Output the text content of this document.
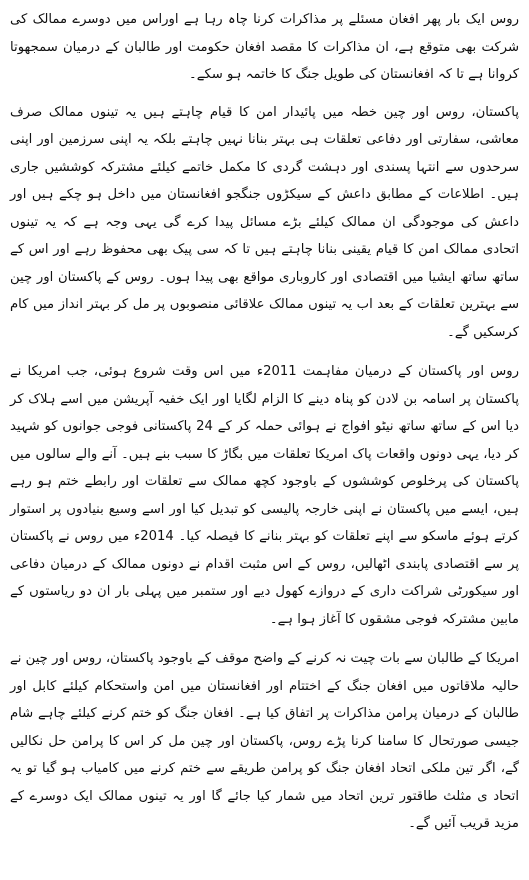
روس ایک بار پھر افغان مسئلے پر مذاکرات کرنا چاہ رہا ہے اوراس میں دوسرے ممالک کی شرکت بھی متوقع ہے، ان مذاکرات کا مقصد افغان حکومت اور طالبان کے درمیان سمجھوتا کروانا ہے تا کہ افغانستان کی طویل جنگ کا خاتمہ ہو سکے۔

پاکستان، روس اور چین خطہ میں پائیدار امن کا قیام چاہتے ہیں یہ تینوں ممالک صرف معاشی، سفارتی اور دفاعی تعلقات ہی بہتر بنانا نہیں چاہتے بلکہ یہ اپنی سرزمین اور اپنی سرحدوں سے انتہا پسندی اور دہشت گردی کا مکمل خاتمے کیلئے مشترکہ کوششیں جاری ہیں۔ اطلاعات کے مطابق داعش کے سیکڑوں جنگجو افغانستان میں داخل ہو چکے ہیں اور داعش کی موجودگی ان ممالک کیلئے بڑے مسائل پیدا کرے گی یہی وجہ ہے کہ یہ تینوں اتحادی ممالک امن کا قیام یقینی بنانا چاہتے ہیں تا کہ سی پیک بھی محفوظ رہے اور اس کے ساتھ ساتھ ایشیا میں اقتصادی اور کاروباری مواقع بھی پیدا ہوں۔ روس کے پاکستان اور چین سے بہترین تعلقات کے بعد اب یہ تینوں ممالک علاقائی منصوبوں پر مل کر بہتر انداز میں کام کرسکیں گے۔

روس اور پاکستان کے درمیان مفاہمت 2011ء میں اس وقت شروع ہوئی، جب امریکا نے پاکستان پر اسامہ بن لادن کو پناہ دینے کا الزام لگایا اور ایک خفیہ آپریشن میں اسے ہلاک کر دیا اس کے ساتھ ساتھ نیٹو افواج نے ہوائی حملہ کر کے 24 پاکستانی فوجی جوانوں کو شہید کر دیا، یہی دونوں واقعات پاک امریکا تعلقات میں بگاڑ کا سبب بنے ہیں۔ آنے والے سالوں میں پاکستان کی پرخلوص کوششوں کے باوجود کچھ ممالک سے تعلقات اور رابطے ختم ہو رہے ہیں، ایسے میں پاکستان نے اپنی خارجہ پالیسی کو تبدیل کیا اور اسے وسیع بنیادوں پر استوار کرتے ہوئے ماسکو سے اپنے تعلقات کو بہتر بنانے کا فیصلہ کیا۔ 2014ء میں روس نے پاکستان پر سے اقتصادی پابندی اٹھالیں، روس کے اس مثبت اقدام نے دونوں ممالک کے درمیان دفاعی اور سیکورٹی شراکت داری کے دروازے کھول دیے اور ستمبر میں پہلی بار ان دو ریاستوں کے مابین مشترکہ فوجی مشقوں کا آغاز ہوا ہے۔

امریکا کے طالبان سے بات چیت نہ کرنے کے واضح موقف کے باوجود پاکستان، روس اور چین نے حالیہ ملاقاتوں میں افغان جنگ کے اختتام اور افغانستان میں امن واستحکام کیلئے کابل اور طالبان کے درمیان پرامن مذاکرات پر اتفاق کیا ہے۔ افغان جنگ کو ختم کرنے کیلئے چاہے شام جیسی صورتحال کا سامنا کرنا پڑے روس، پاکستان اور چین مل کر اس کا پرامن حل نکالیں گے، اگر تین ملکی اتحاد افغان جنگ کو پرامن طریقے سے ختم کرنے میں کامیاب ہو گیا تو یہ اتحاد ی مثلث طاقتور ترین اتحاد میں شمار کیا جائے گا اور یہ تینوں ممالک ایک دوسرے کے مزید قریب آئیں گے۔
